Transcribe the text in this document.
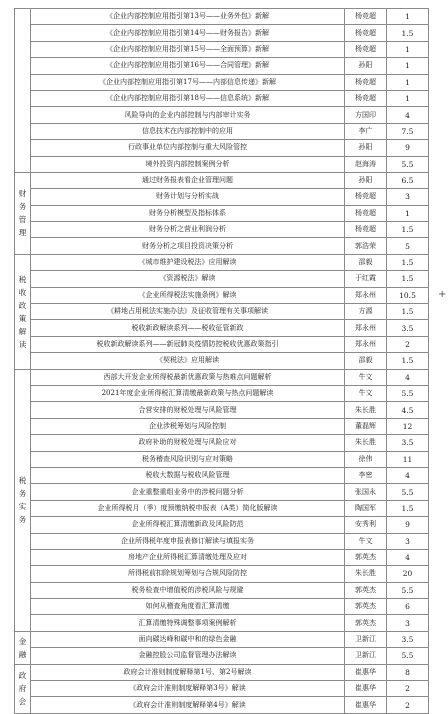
	《企业内部控制应用指引第13号——业务外包》新解	杨竞超	1
	《企业内部控制应用指引第14号——财务报告》新解	杨竞超	1.5
	《企业内部控制应用指引第15号——全面预算》新解	杨竞超	1
	《企业内部控制应用指引第16号——合同管理》新解	孙阳	1
	《企业内部控制应用指引第17号——内部信息传递》新解	杨竞超	1
	《企业内部控制应用指引第18号——信息系统》新解	杨竞超	1
	风险导向的企业内部控制与内部审计实务	方国印	4
	信息技术在内部控制中的应用	李广	7.5
	行政事业单位内部控制与重大风险管控	孙阳	9
	境外投资内部控制案例分析	赵海涛	5.5
财务管理	通过财务报表看企业管理问题	孙阳	6.5
	财务计划与分析实战	杨竞超	3
	财务分析模型及指标体系	杨竞超	1
	财务分析之营业利润分析	杨竞超	1.5
	财务分析之项目投资决策分析	郭浩荣	5
税收政策解读	《城市维护建设税法》应用解读	邵毅	1.5
	《资源税法》解读	于红霞	1.5
	《企业所得税法实施条例》解读	郑永州	10.5
	《耕地占用税法实施办法》及征收管理有关事项解读	方源	1.5
	税收新政解读系列——税收征管新政	郑永州	3.5
	税收新政解读系列——新冠肺炎疫情防控税收优惠政策指引	郑永州	2
	《契税法》应用解读	邵毅	1.5
税务实务	西部大开发企业所得税最新优惠政策与热难点问题解析	牛文	4
	2021年度企业所得税汇算清缴最新政策与热点问题解读	牛文	5.5
	合营安排的财税处理与风险管理	朱长胜	4.5
	企业涉税筹划与风险控制	董磊辉	12
	政府补助的财税处理与风险应对	朱长胜	3.5
	税务稽查风险识别与应对策略	徐伟	11
	税收大数据与税收风险管理	李密	4
	企业重整重组业务中的涉税问题分析	张国永	5.5
	企业所得税月（季）度预缴纳税申报表（A类）简化版解读	陶国军	1.5
	企业所得税汇算清缴新政及风险防范	安秀利	9
	企业所得税年度申报表修订解读与填报实务	牛文	3
	房地产企业所得税汇算清缴处理及应对	郭英杰	4
	所得税前扣除规划筹划与合规风险防控	朱长胜	20
	税务检查中增值税的涉税风险与规避	郭英杰	5.5
	如何从稽查角度看汇算清缴	郭英杰	6
	汇算清缴特殊调整事项案例解析	郭英杰	3
金融	面向碳达峰和碳中和的绿色金融	卫新江	3.5
	金融控股公司监督管理办法解读	卫新江	5.5
政府会	政府会计准则制度解释第1号、第2号解读	崔惠华	8
	《政府会计准则制度解释第3号》解读	崔惠华	2
	《政府会计准则制度解释第4号》解读	崔惠华	2
+
